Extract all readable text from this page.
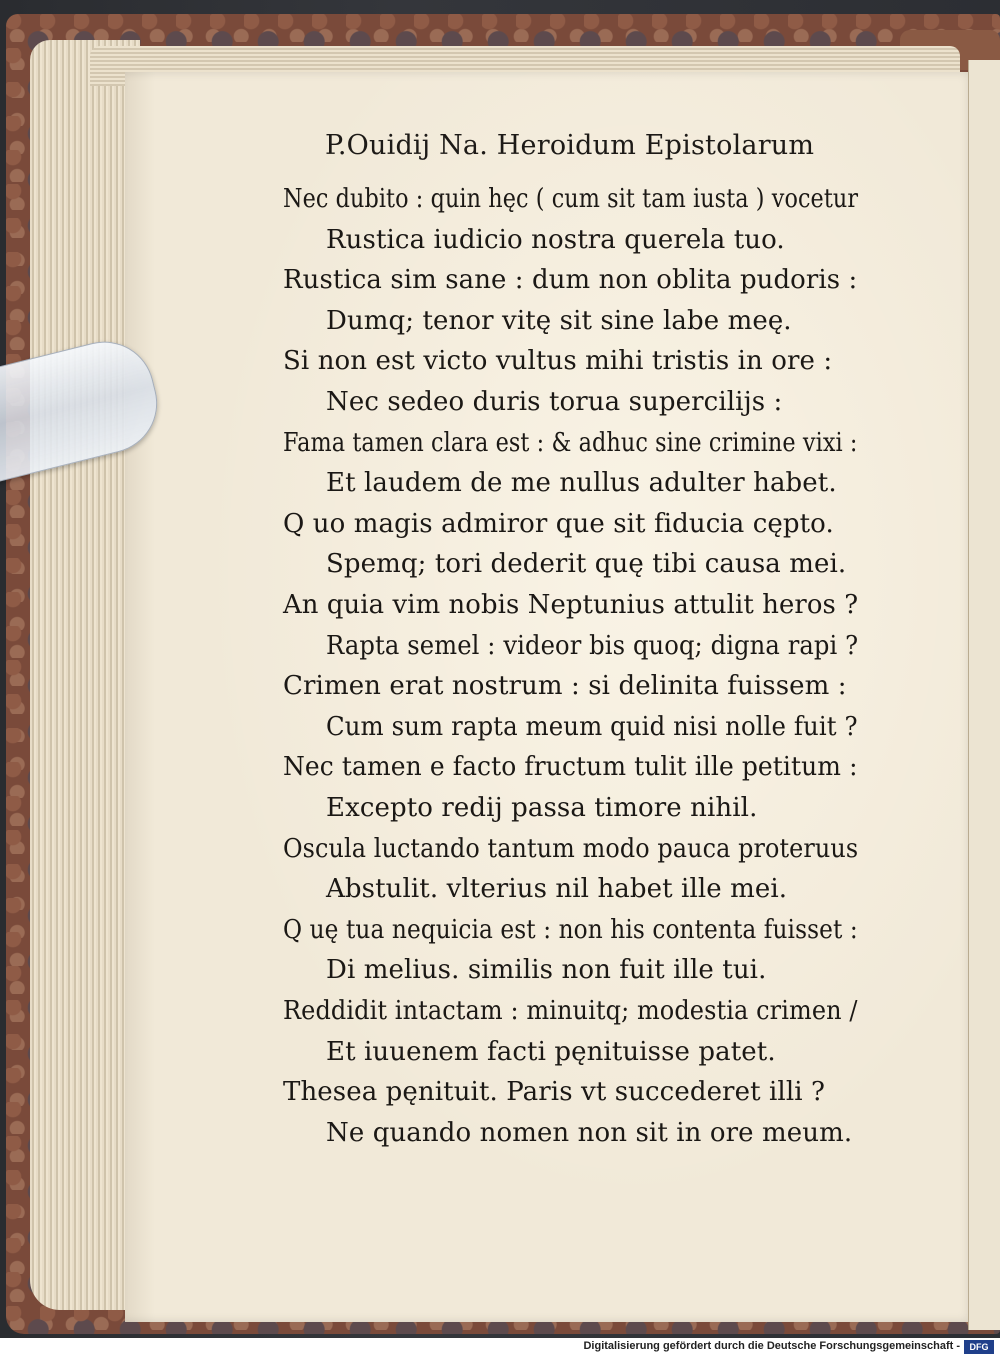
P.Ouidij Na. Heroidum Epistolarum
Nec dubito : quin hęc ( cum sit tam iusta ) vocetur
Rustica iudicio nostra querela tuo.
Rustica sim sane : dum non oblita pudoris :
Dumq; tenor vitę sit sine labe meę.
Si non est victo vultus mihi tristis in ore :
Nec sedeo duris torua supercilijs :
Fama tamen clara est : & adhuc sine crimine vixi :
Et laudem de me nullus adulter habet.
Q uo magis admiror que sit fiducia cępto.
Spemq; tori dederit quę tibi causa mei.
An quia vim nobis Neptunius attulit heros ?
Rapta semel : videor bis quoq; digna rapi ?
Crimen erat nostrum : si delinita fuissem :
Cum sum rapta meum quid nisi nolle fuit ?
Nec tamen e facto fructum tulit ille petitum :
Excepto redij passa timore nihil.
Oscula luctando tantum modo pauca proteruus
Abstulit. vlterius nil habet ille mei.
Q uę tua nequicia est : non his contenta fuisset :
Di melius. similis non fuit ille tui.
Reddidit intactam : minuitq; modestia crimen /
Et iuuenem facti pęnituisse patet.
Thesea pęnituit. Paris vt succederet illi ?
Ne quando nomen non sit in ore meum.
Digitalisierung gefördert durch die Deutsche Forschungsgemeinschaft -	DFG
